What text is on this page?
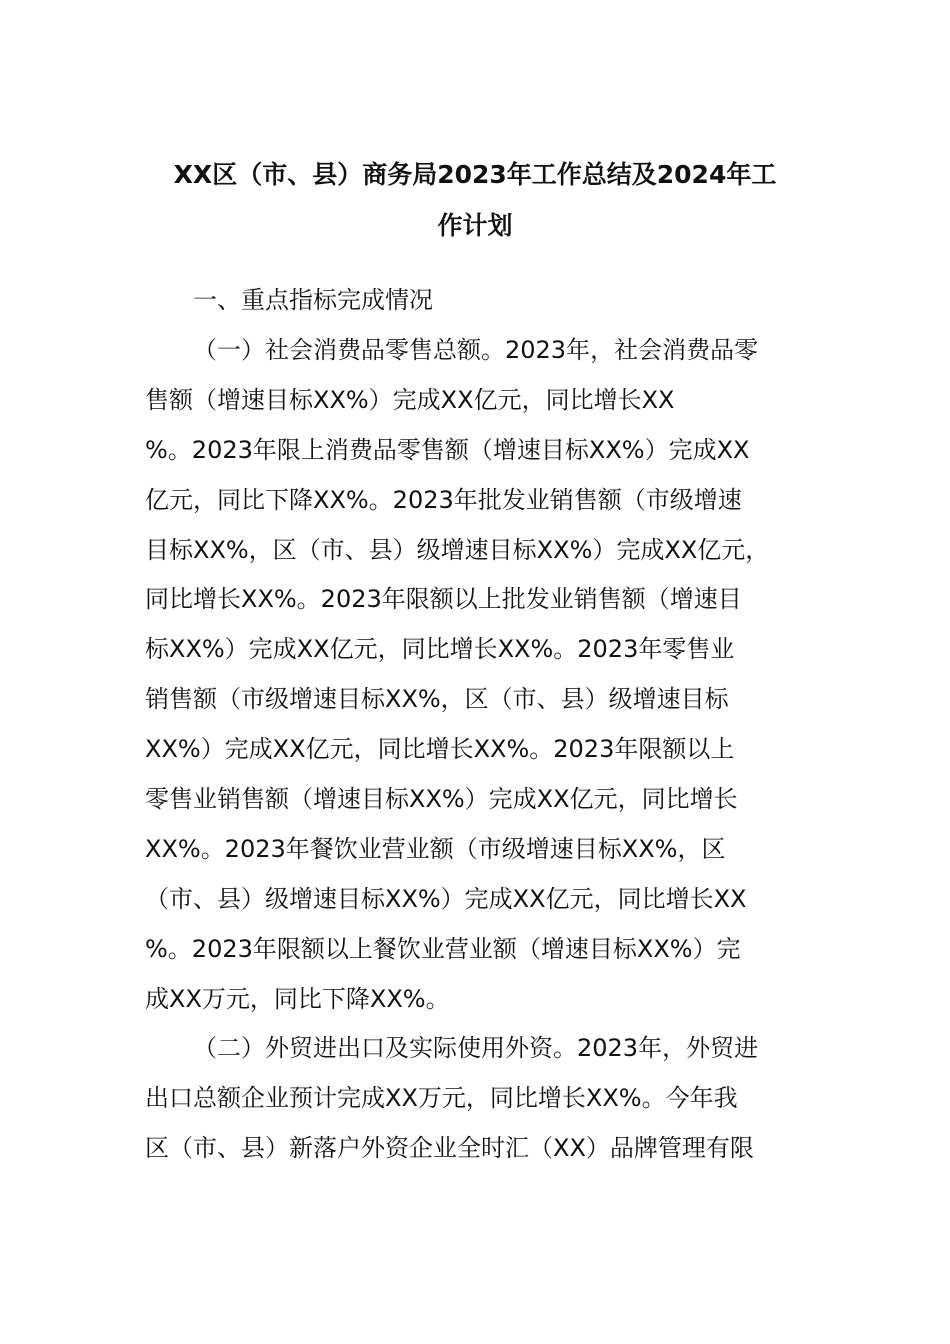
XX区（市、县）商务局2023年工作总结及2024年工
作计划
一、重点指标完成情况
（一）社会消费品零售总额。2023年，社会消费品零
售额（增速目标XX%）完成XX亿元，同比增长XX
%。2023年限上消费品零售额（增速目标XX%）完成XX
亿元，同比下降XX%。2023年批发业销售额（市级增速
目标XX%，区（市、县）级增速目标XX%）完成XX亿元，
同比增长XX%。2023年限额以上批发业销售额（增速目
标XX%）完成XX亿元，同比增长XX%。2023年零售业
销售额（市级增速目标XX%，区（市、县）级增速目标
XX%）完成XX亿元，同比增长XX%。2023年限额以上
零售业销售额（增速目标XX%）完成XX亿元，同比增长
XX%。2023年餐饮业营业额（市级增速目标XX%，区
（市、县）级增速目标XX%）完成XX亿元，同比增长XX
%。2023年限额以上餐饮业营业额（增速目标XX%）完
成XX万元，同比下降XX%。
（二）外贸进出口及实际使用外资。2023年，外贸进
出口总额企业预计完成XX万元，同比增长XX%。今年我
区（市、县）新落户外资企业全时汇（XX）品牌管理有限
